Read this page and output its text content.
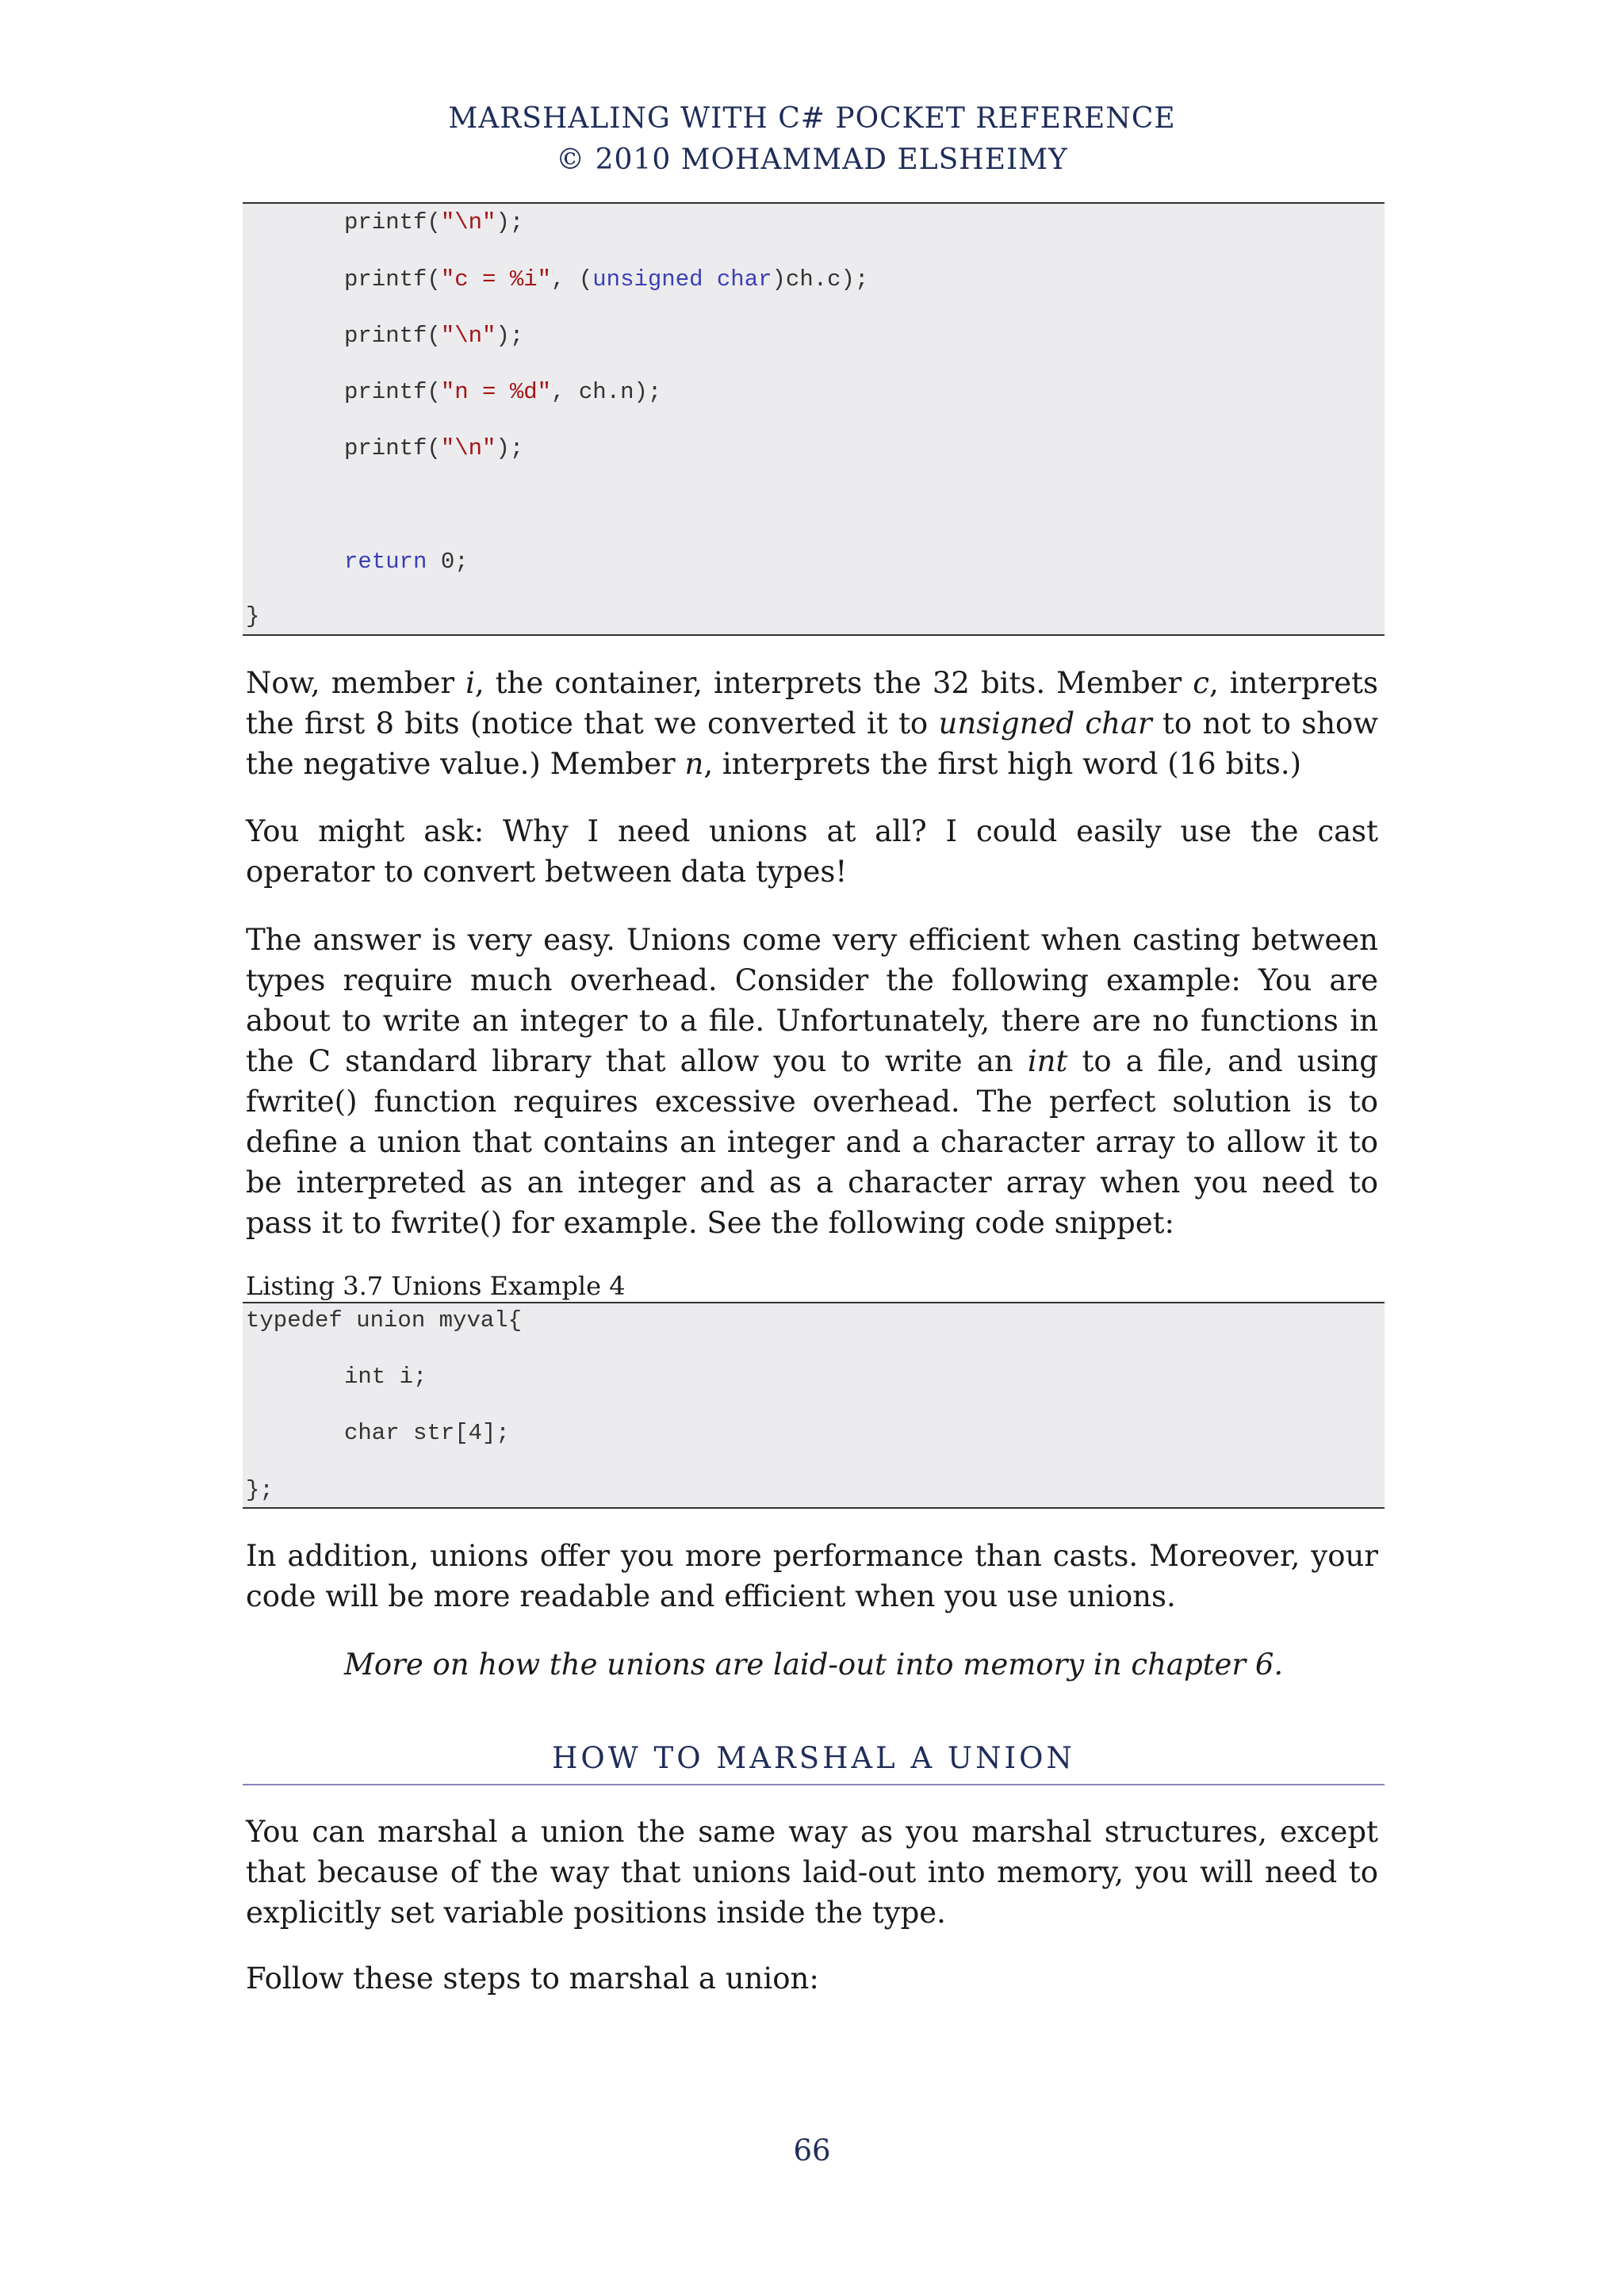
MARSHALING WITH C# POCKET REFERENCE
© 2010 MOHAMMAD ELSHEIMY
printf("\n");
printf("c = %i", (unsigned char)ch.c);
printf("\n");
printf("n = %d", ch.n);
printf("\n");
return 0;
}
Now, member i, the container, interprets the 32 bits. Member c, interprets the first 8 bits (notice that we converted it to unsigned char to not to show the negative value.) Member n, interprets the first high word (16 bits.)
You might ask: Why I need unions at all? I could easily use the cast operator to convert between data types!
The answer is very easy. Unions come very efficient when casting between types require much overhead. Consider the following example: You are about to write an integer to a file. Unfortunately, there are no functions in the C standard library that allow you to write an int to a file, and using fwrite() function requires excessive overhead. The perfect solution is to define a union that contains an integer and a character array to allow it to be interpreted as an integer and as a character array when you need to pass it to fwrite() for example. See the following code snippet:
Listing 3.7 Unions Example 4
typedef union myval{
int i;
char str[4];
};
In addition, unions offer you more performance than casts. Moreover, your code will be more readable and efficient when you use unions.
More on how the unions are laid-out into memory in chapter 6.
HOW TO MARSHAL A UNION
You can marshal a union the same way as you marshal structures, except that because of the way that unions laid-out into memory, you will need to explicitly set variable positions inside the type.
Follow these steps to marshal a union:
66
